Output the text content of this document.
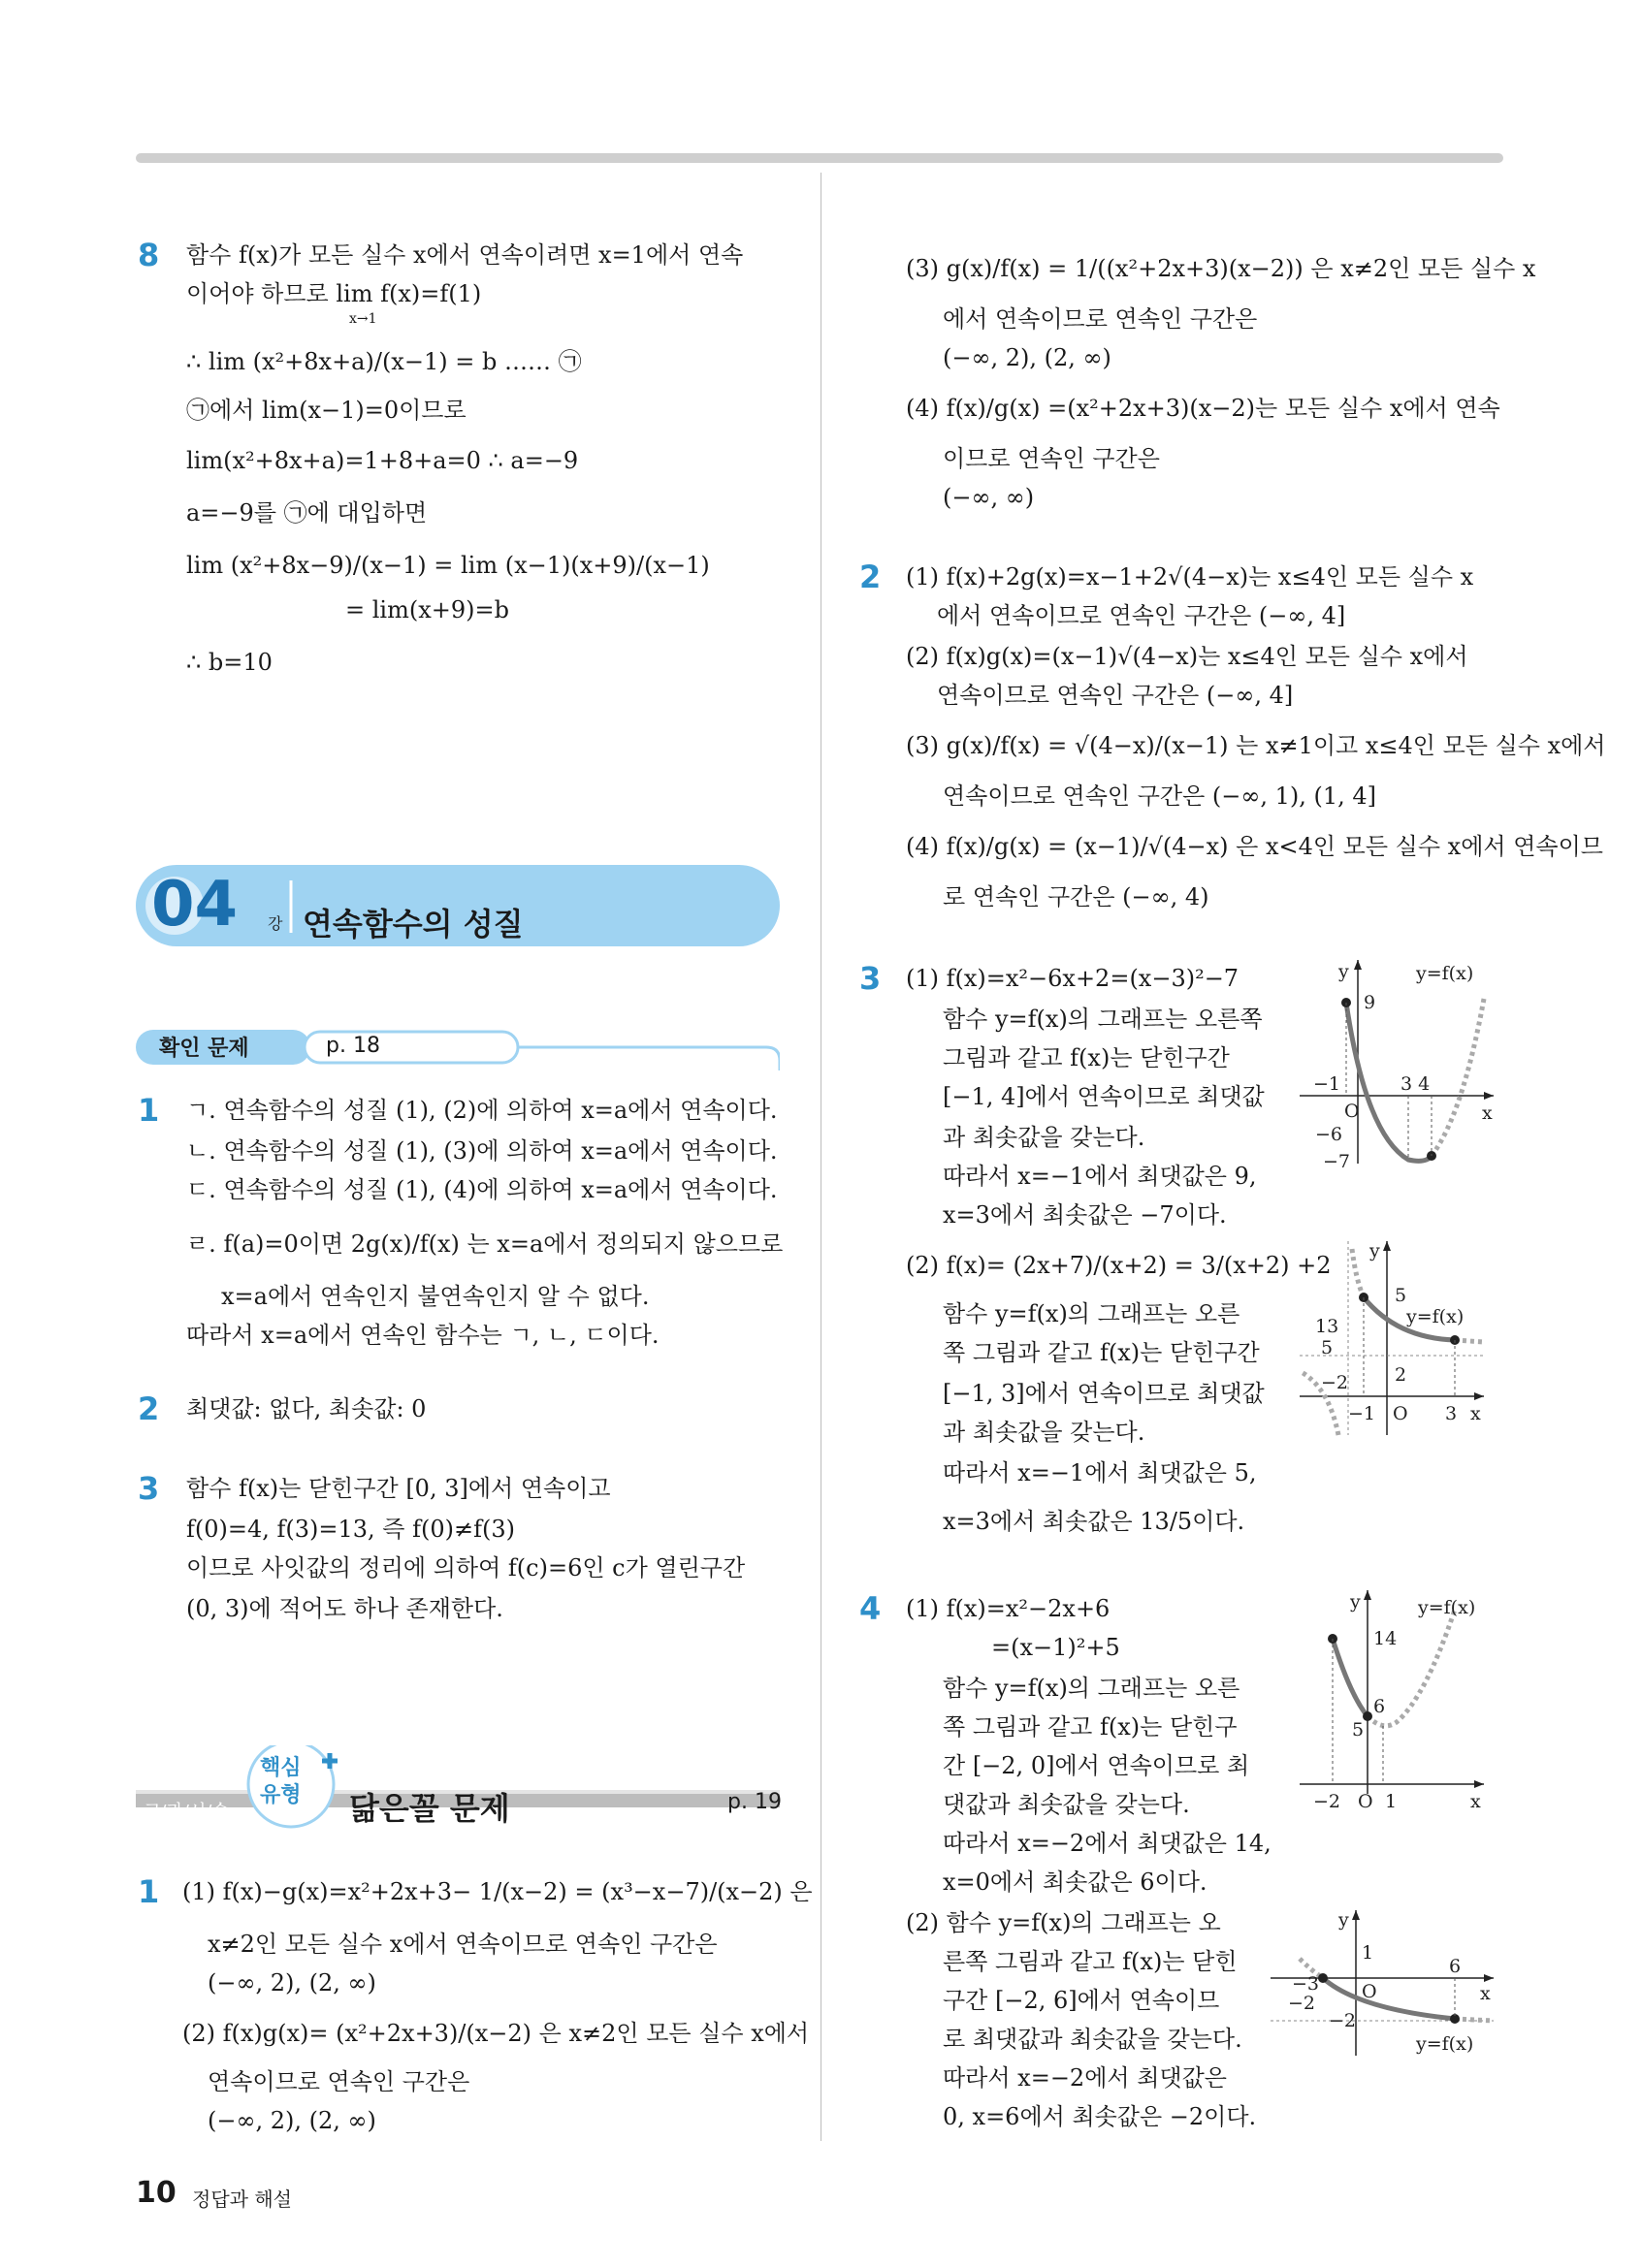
8 함수 f(x)가 모든 실수 x에서 연속이려면 x=1에서 연속
이어야 하므로 lim f(x)=f(1)
x→1
∴ lim (x²+8x+a)/(x−1) = b …… ㉠
㉠에서 lim(x−1)=0이므로
lim(x²+8x+a)=1+8+a=0 ∴ a=−9
a=−9를 ㉠에 대입하면
lim (x²+8x−9)/(x−1) = lim (x−1)(x+9)/(x−1)
= lim(x+9)=b
∴ b=10
04 강 연속함수의 성질
확인 문제	p. 18
1 ㄱ. 연속함수의 성질 (1), (2)에 의하여 x=a에서 연속이다.
ㄴ. 연속함수의 성질 (1), (3)에 의하여 x=a에서 연속이다.
ㄷ. 연속함수의 성질 (1), (4)에 의하여 x=a에서 연속이다.
ㄹ. f(a)=0이면 2g(x)/f(x) 는 x=a에서 정의되지 않으므로
x=a에서 연속인지 불연속인지 알 수 없다.
따라서 x=a에서 연속인 함수는 ㄱ, ㄴ, ㄷ이다.
2 최댓값: 없다, 최솟값: 0
3 함수 f(x)는 닫힌구간 [0, 3]에서 연속이고
f(0)=4, f(3)=13, 즉 f(0)≠f(3)
이므로 사잇값의 정리에 의하여 f(c)=6인 c가 열린구간
(0, 3)에 적어도 하나 존재한다.
교/과/서/속
핵심
유형 닮은꼴 문제	p. 19
1 (1) f(x)−g(x)=x²+2x+3− 1/(x−2) = (x³−x−7)/(x−2) 은
x≠2인 모든 실수 x에서 연속이므로 연속인 구간은
(−∞, 2), (2, ∞)
(2) f(x)g(x)= (x²+2x+3)/(x−2) 은 x≠2인 모든 실수 x에서
연속이므로 연속인 구간은
(−∞, 2), (2, ∞)
(3) g(x)/f(x) = 1/((x²+2x+3)(x−2)) 은 x≠2인 모든 실수 x
에서 연속이므로 연속인 구간은
(−∞, 2), (2, ∞)
(4) f(x)/g(x) =(x²+2x+3)(x−2)는 모든 실수 x에서 연속
이므로 연속인 구간은
(−∞, ∞)
2 (1) f(x)+2g(x)=x−1+2√(4−x)는 x≤4인 모든 실수 x
에서 연속이므로 연속인 구간은 (−∞, 4]
(2) f(x)g(x)=(x−1)√(4−x)는 x≤4인 모든 실수 x에서
연속이므로 연속인 구간은 (−∞, 4]
(3) g(x)/f(x) = √(4−x)/(x−1) 는 x≠1이고 x≤4인 모든 실수 x에서
연속이므로 연속인 구간은 (−∞, 1), (1, 4]
(4) f(x)/g(x) = (x−1)/√(4−x) 은 x<4인 모든 실수 x에서 연속이므
로 연속인 구간은 (−∞, 4)
3 (1) f(x)=x²−6x+2=(x−3)²−7
함수 y=f(x)의 그래프는 오른쪽
그림과 같고 f(x)는 닫힌구간
[−1, 4]에서 연속이므로 최댓값
과 최솟값을 갖는다.
따라서 x=−1에서 최댓값은 9,
x=3에서 최솟값은 −7이다.
(2) f(x)= (2x+7)/(x+2) = 3/(x+2) +2
함수 y=f(x)의 그래프는 오른
쪽 그림과 같고 f(x)는 닫힌구간
[−1, 3]에서 연속이므로 최댓값
과 최솟값을 갖는다.
따라서 x=−1에서 최댓값은 5,
x=3에서 최솟값은 13/5이다.
4 (1) f(x)=x²−2x+6
=(x−1)²+5
함수 y=f(x)의 그래프는 오른
쪽 그림과 같고 f(x)는 닫힌구
간 [−2, 0]에서 연속이므로 최
댓값과 최솟값을 갖는다.
따라서 x=−2에서 최댓값은 14,
x=0에서 최솟값은 6이다.
(2) 함수 y=f(x)의 그래프는 오
른쪽 그림과 같고 f(x)는 닫힌
구간 [−2, 6]에서 연속이므
로 최댓값과 최솟값을 갖는다.
따라서 x=−2에서 최댓값은
0, x=6에서 최솟값은 −2이다.
y
x
O
y=f(x)
9
−1	3 4
−6
−7
y
x
O
y=f(x)
5
13
5
2
−2
−1	3
y
x
O
y=f(x)
14
6
5
−2 1
y
x
O
y=f(x)
1
6
−3
−2
−2
10 정답과 해설
